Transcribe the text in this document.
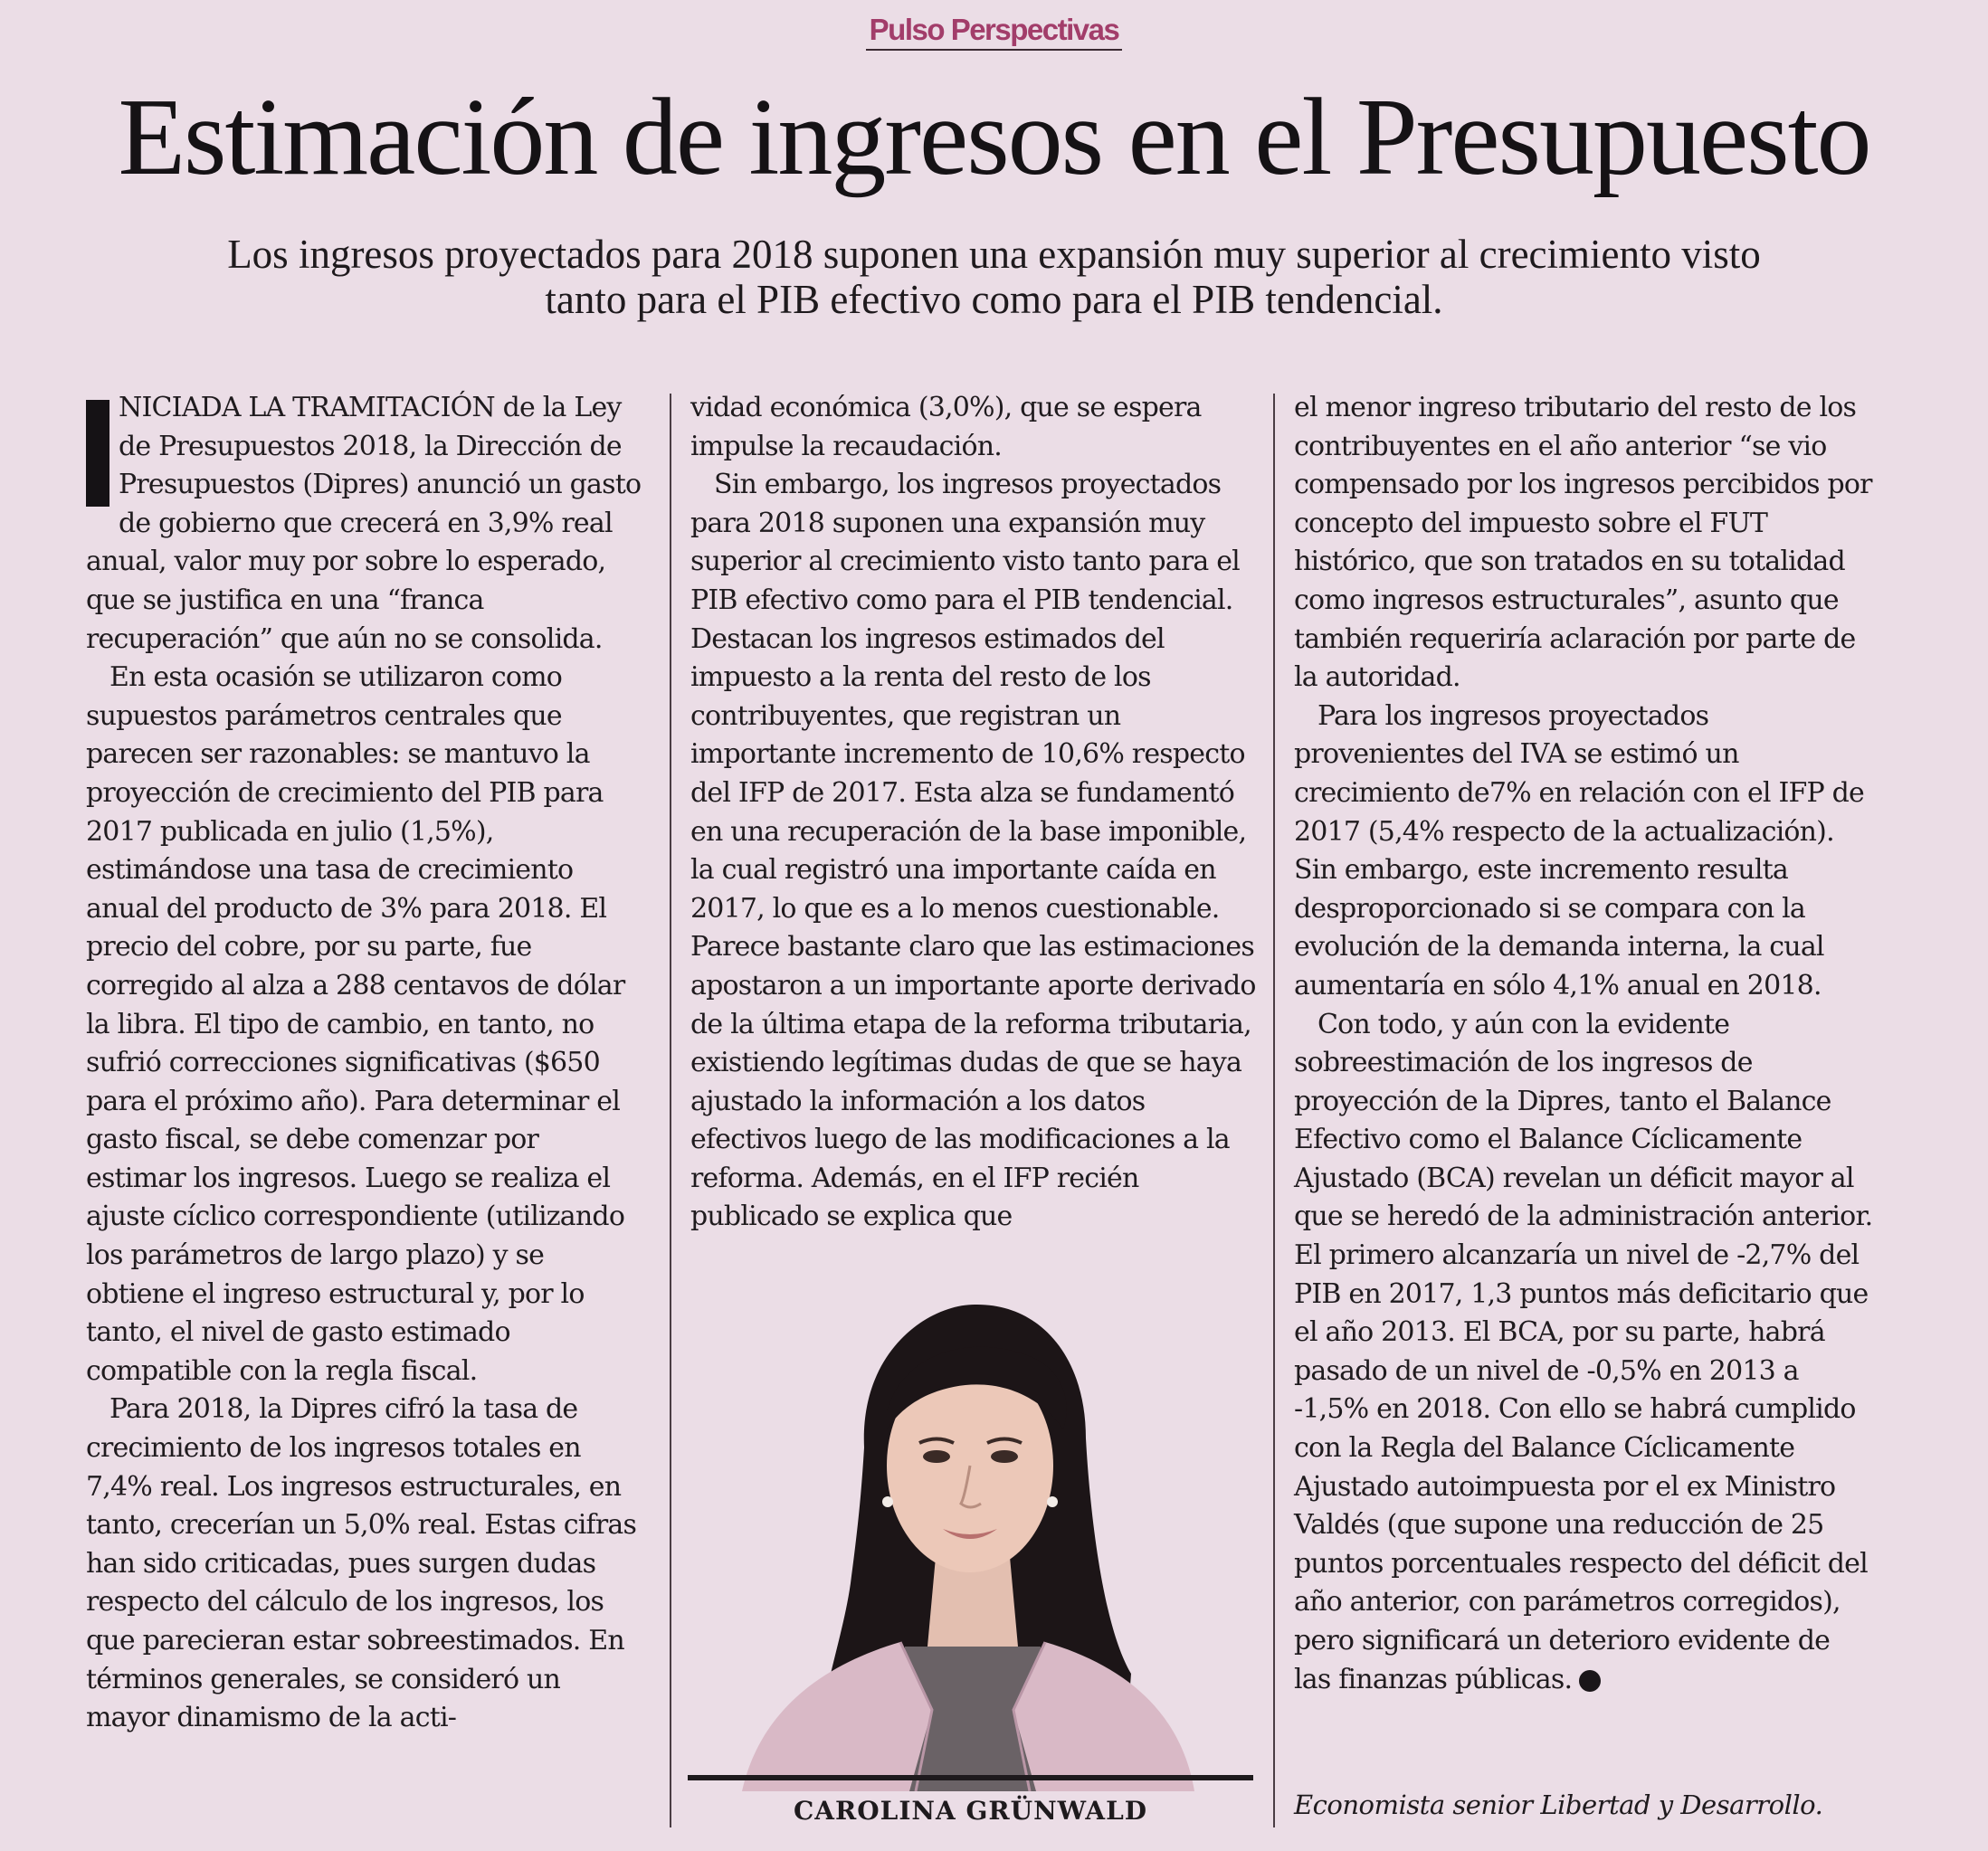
Pulso Perspectivas
Estimación de ingresos en el Presupuesto
Los ingresos proyectados para 2018 suponen una expansión muy superior al crecimiento visto
tanto para el PIB efectivo como para el PIB tendencial.

NICIADA LA TRAMITACIÓN de la Ley de Presupuestos 2018, la Dirección de Presupuestos (Dipres) anunció un gasto de gobierno que crecerá en 3,9% real anual, valor muy por sobre lo esperado, que se justifica en una “franca recuperación” que aún no se consolida.

En esta ocasión se utilizaron como supuestos parámetros centrales que parecen ser razonables: se mantuvo la proyección de crecimiento del PIB para 2017 publicada en julio (1,5%), estimándose una tasa de crecimiento anual del producto de 3% para 2018. El precio del cobre, por su parte, fue corregido al alza a 288 centavos de dólar la libra. El tipo de cambio, en tanto, no sufrió correcciones significativas ($650 para el próximo año). Para determinar el gasto fiscal, se debe comenzar por estimar los ingresos. Luego se realiza el ajuste cíclico correspondiente (utilizando los parámetros de largo plazo) y se obtiene el ingreso estructural y, por lo tanto, el nivel de gasto estimado compatible con la regla fiscal.

Para 2018, la Dipres cifró la tasa de crecimiento de los ingresos totales en 7,4% real. Los ingresos estructurales, en tanto, crecerían un 5,0% real. Estas cifras han sido criticadas, pues surgen dudas respecto del cálculo de los ingresos, los que parecieran estar sobreestimados. En términos generales, se consideró un mayor dinamismo de la acti-

vidad económica (3,0%), que se espera impulse la recaudación.

Sin embargo, los ingresos proyectados para 2018 suponen una expansión muy superior al crecimiento visto tanto para el PIB efectivo como para el PIB tendencial. Destacan los ingresos estimados del impuesto a la renta del resto de los contribuyentes, que registran un importante incremento de 10,6% respecto del IFP de 2017. Esta alza se fundamentó en una recuperación de la base imponible, la cual registró una importante caída en 2017, lo que es a lo menos cuestionable. Parece bastante claro que las estimaciones apostaron a un importante aporte derivado de la última etapa de la reforma tributaria, existiendo legítimas dudas de que se haya ajustado la información a los datos efectivos luego de las modificaciones a la reforma. Además, en el IFP recién publicado se explica que

CAROLINA GRÜNWALD

el menor ingreso tributario del resto de los contribuyentes en el año anterior “se vio compensado por los ingresos percibidos por concepto del impuesto sobre el FUT histórico, que son tratados en su totalidad como ingresos estructurales”, asunto que también requeriría aclaración por parte de la autoridad.

Para los ingresos proyectados provenientes del IVA se estimó un crecimiento de7% en relación con el IFP de 2017 (5,4% respecto de la actualización). Sin embargo, este incremento resulta desproporcionado si se compara con la evolución de la demanda interna, la cual aumentaría en sólo 4,1% anual en 2018.

Con todo, y aún con la evidente sobreestimación de los ingresos de proyección de la Dipres, tanto el Balance Efectivo como el Balance Cíclicamente Ajustado (BCA) revelan un déficit mayor al que se heredó de la administración anterior. El primero alcanzaría un nivel de -2,7% del PIB en 2017, 1,3 puntos más deficitario que el año 2013. El BCA, por su parte, habrá pasado de un nivel de -0,5% en 2013 a -1,5% en 2018. Con ello se habrá cumplido con la Regla del Balance Cíclicamente Ajustado autoimpuesta por el ex Ministro Valdés (que supone una reducción de 25 puntos porcentuales respecto del déficit del año anterior, con parámetros corregidos), pero significará un deterioro evidente de las finanzas públicas.

Economista senior Libertad y Desarrollo.
